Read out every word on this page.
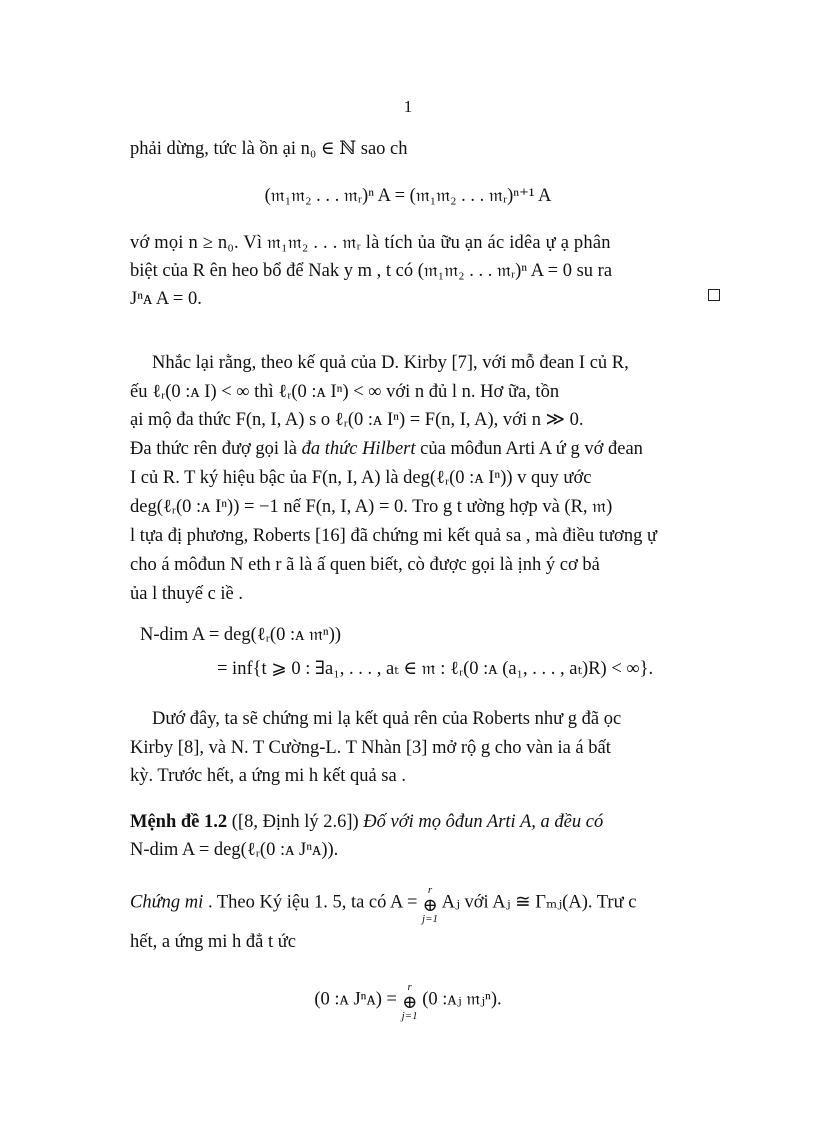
1
phải dừng, tức là ồn ại n₀ ∈ ℕ sao ch
(𝔪₁𝔪₂ . . . 𝔪ᵣ)ⁿ A = (𝔪₁𝔪₂ . . . 𝔪ᵣ)ⁿ⁺¹ A
vớ mọi n ≥ n₀. Vì 𝔪₁𝔪₂ . . . 𝔪ᵣ là tích ủa ữu ạn ác idêa ự ạ phân
biệt của R ên heo bổ để Nak y m , t có (𝔪₁𝔪₂ . . . 𝔪ᵣ)ⁿ A = 0 su ra
Jⁿᴀ A = 0.
Nhắc lại rằng, theo kế quả của D. Kirby [7], với mỗ đean I củ R,
ếu ℓᵣ(0 :ᴀ I) < ∞ thì ℓᵣ(0 :ᴀ Iⁿ) < ∞ với n đủ l n. Hơ ữa, tồn
ại mộ đa thức F(n, I, A) s o ℓᵣ(0 :ᴀ Iⁿ) = F(n, I, A), với n ≫ 0.
Đa thức rên đượ gọi là đa thức Hilbert của môđun Arti A ứ g vớ đean
I củ R. T ký hiệu bậc ủa F(n, I, A) là deg(ℓᵣ(0 :ᴀ Iⁿ)) v quy ước
deg(ℓᵣ(0 :ᴀ Iⁿ)) = −1 nế F(n, I, A) = 0. Tro g t ường hợp và (R, 𝔪)
l tựa đị phương, Roberts [16] đã chứng mi kết quả sa , mà điều tương ự
cho á môđun N eth r ã là ấ quen biết, cò được gọi là ịnh ý cơ bả
ủa l thuyế c iề .
N-dim A = deg(ℓᵣ(0 :ᴀ 𝔪ⁿ))
= inf{t ⩾ 0 : ∃a₁, . . . , aₜ ∈ 𝔪 : ℓᵣ(0 :ᴀ (a₁, . . . , aₜ)R) < ∞}.
Dướ đây, ta sẽ chứng mi lạ kết quả rên của Roberts như g đã ọc
Kirby [8], và N. T Cường-L. T Nhàn [3] mở rộ g cho vàn ia á bất
kỳ. Trước hết, a ứng mi h kết quả sa .
Mệnh đề 1.2 ([8, Định lý 2.6]) Đố với mọ ôđun Arti A, a đều có
N-dim A = deg(ℓᵣ(0 :ᴀ Jⁿᴀ)).
Chứng mi . Theo Ký iệu 1. 5, ta có A =
r
⊕
j=1
Aⱼ với Aⱼ ≅ Γₘⱼ(A). Trư c
hết, a ứng mi h đẳ t ức
(0 :ᴀ Jⁿᴀ) =
r
⊕
j=1
(0 :ᴀⱼ 𝔪ⱼⁿ).
